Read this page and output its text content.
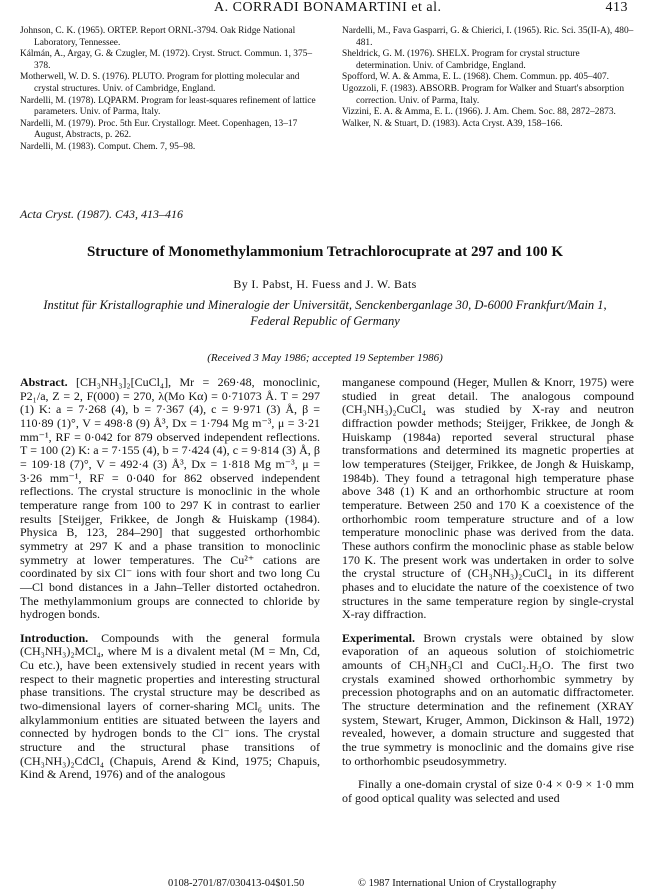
A. CORRADI BONAMARTINI et al.	413

Johnson, C. K. (1965). ORTEP. Report ORNL-3794. Oak Ridge National Laboratory, Tennessee.

Kálmán, A., Argay, G. & Czugler, M. (1972). Cryst. Struct. Commun. 1, 375–378.

Motherwell, W. D. S. (1976). PLUTO. Program for plotting molecular and crystal structures. Univ. of Cambridge, England.

Nardelli, M. (1978). LQPARM. Program for least-squares refinement of lattice parameters. Univ. of Parma, Italy.

Nardelli, M. (1979). Proc. 5th Eur. Crystallogr. Meet. Copenhagen, 13–17 August, Abstracts, p. 262.

Nardelli, M. (1983). Comput. Chem. 7, 95–98.

Nardelli, M., Fava Gasparri, G. & Chierici, I. (1965). Ric. Sci. 35(II-A), 480–481.

Sheldrick, G. M. (1976). SHELX. Program for crystal structure determination. Univ. of Cambridge, England.

Spofford, W. A. & Amma, E. L. (1968). Chem. Commun. pp. 405–407.

Ugozzoli, F. (1983). ABSORB. Program for Walker and Stuart's absorption correction. Univ. of Parma, Italy.

Vizzini, E. A. & Amma, E. L. (1966). J. Am. Chem. Soc. 88, 2872–2873.

Walker, N. & Stuart, D. (1983). Acta Cryst. A39, 158–166.

Acta Cryst. (1987). C43, 413–416
Structure of Monomethylammonium Tetrachlorocuprate at 297 and 100 K
By I. Pabst, H. Fuess and J. W. Bats
Institut für Kristallographie und Mineralogie der Universität, Senckenberganlage 30, D-6000 Frankfurt/Main 1,
Federal Republic of Germany
(Received 3 May 1986; accepted 19 September 1986)

Abstract. [CH₃NH₃]₂[CuCl₄], Mr = 269·48, monoclinic, P2₁/a, Z = 2, F(000) = 270, λ(Mo Kα) = 0·71073 Å. T = 297 (1) K: a = 7·268 (4), b = 7·367 (4), c = 9·971 (3) Å, β = 110·89 (1)°, V = 498·8 (9) Å³, Dx = 1·794 Mg m⁻³, μ = 3·21 mm⁻¹, RF = 0·042 for 879 observed independent reflections. T = 100 (2) K: a = 7·155 (4), b = 7·424 (4), c = 9·814 (3) Å, β = 109·18 (7)°, V = 492·4 (3) Å³, Dx = 1·818 Mg m⁻³, μ = 3·26 mm⁻¹, RF = 0·040 for 862 observed independent reflections. The crystal structure is monoclinic in the whole temperature range from 100 to 297 K in contrast to earlier results [Steijger, Frikkee, de Jongh & Huiskamp (1984). Physica B, 123, 284–290] that suggested orthorhombic symmetry at 297 K and a phase transition to monoclinic symmetry at lower temperatures. The Cu²⁺ cations are coordinated by six Cl⁻ ions with four short and two long Cu—Cl bond distances in a Jahn–Teller distorted octahedron. The methylammonium groups are connected to chloride by hydrogen bonds.

Introduction. Compounds with the general formula (CH₃NH₃)₂MCl₄, where M is a divalent metal (M = Mn, Cd, Cu etc.), have been extensively studied in recent years with respect to their magnetic properties and interesting structural phase transitions. The crystal structure may be described as two-dimensional layers of corner-sharing MCl₆ units. The alkylammonium entities are situated between the layers and connected by hydrogen bonds to the Cl⁻ ions. The crystal structure and the structural phase transitions of (CH₃NH₃)₂CdCl₄ (Chapuis, Arend & Kind, 1975; Chapuis, Kind & Arend, 1976) and of the analogous

manganese compound (Heger, Mullen & Knorr, 1975) were studied in great detail. The analogous compound (CH₃NH₃)₂CuCl₄ was studied by X-ray and neutron diffraction powder methods; Steijger, Frikkee, de Jongh & Huiskamp (1984a) reported several structural phase transformations and determined its magnetic properties at low temperatures (Steijger, Frikkee, de Jongh & Huiskamp, 1984b). They found a tetragonal high temperature phase above 348 (1) K and an orthorhombic structure at room temperature. Between 250 and 170 K a coexistence of the orthorhombic room temperature structure and of a low temperature monoclinic phase was derived from the data. These authors confirm the monoclinic phase as stable below 170 K. The present work was undertaken in order to solve the crystal structure of (CH₃NH₃)₂CuCl₄ in its different phases and to elucidate the nature of the coexistence of two structures in the same temperature region by single-crystal X-ray diffraction.

Experimental. Brown crystals were obtained by slow evaporation of an aqueous solution of stoichiometric amounts of CH₃NH₃Cl and CuCl₂.H₂O. The first two crystals examined showed orthorhombic symmetry by precession photographs and on an automatic diffractometer. The structure determination and the refinement (XRAY system, Stewart, Kruger, Ammon, Dickinson & Hall, 1972) revealed, however, a domain structure and suggested that the true symmetry is monoclinic and the domains give rise to orthorhombic pseudosymmetry.

Finally a one-domain crystal of size 0·4 × 0·9 × 1·0 mm of good optical quality was selected and used

0108-2701/87/030413-04$01.50	© 1987 International Union of Crystallography
